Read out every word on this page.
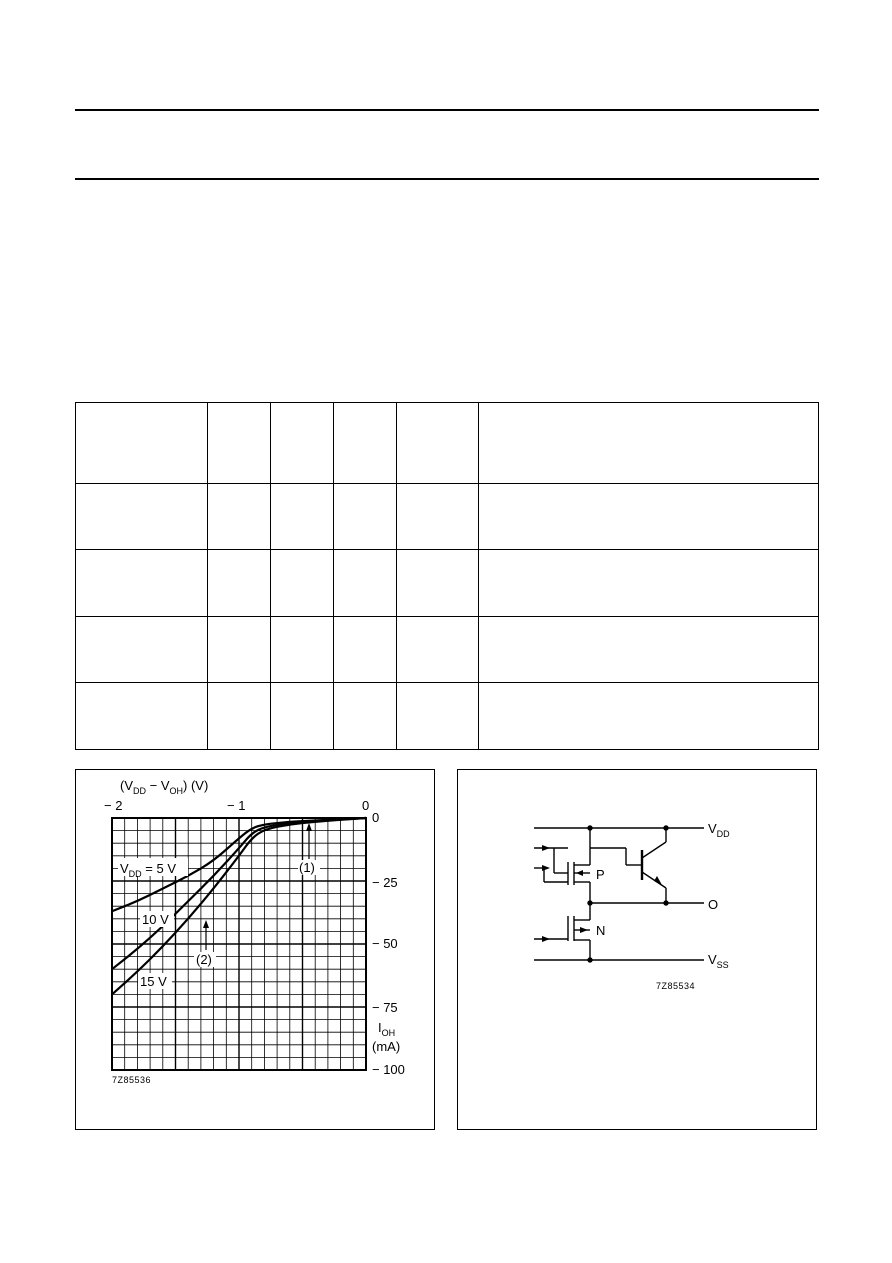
$(V_{DD} - V_{OH})$ (V)
− 2	− 1	0
0
− 25
− 50
− 75
− 100
$I_{OH}$
(mA)
$V_{DD} = 5$ V
10 V
15 V
(1)
(2)
7Z85536
$V_{DD}$
O
$V_{SS}$
P
N
7Z85534
